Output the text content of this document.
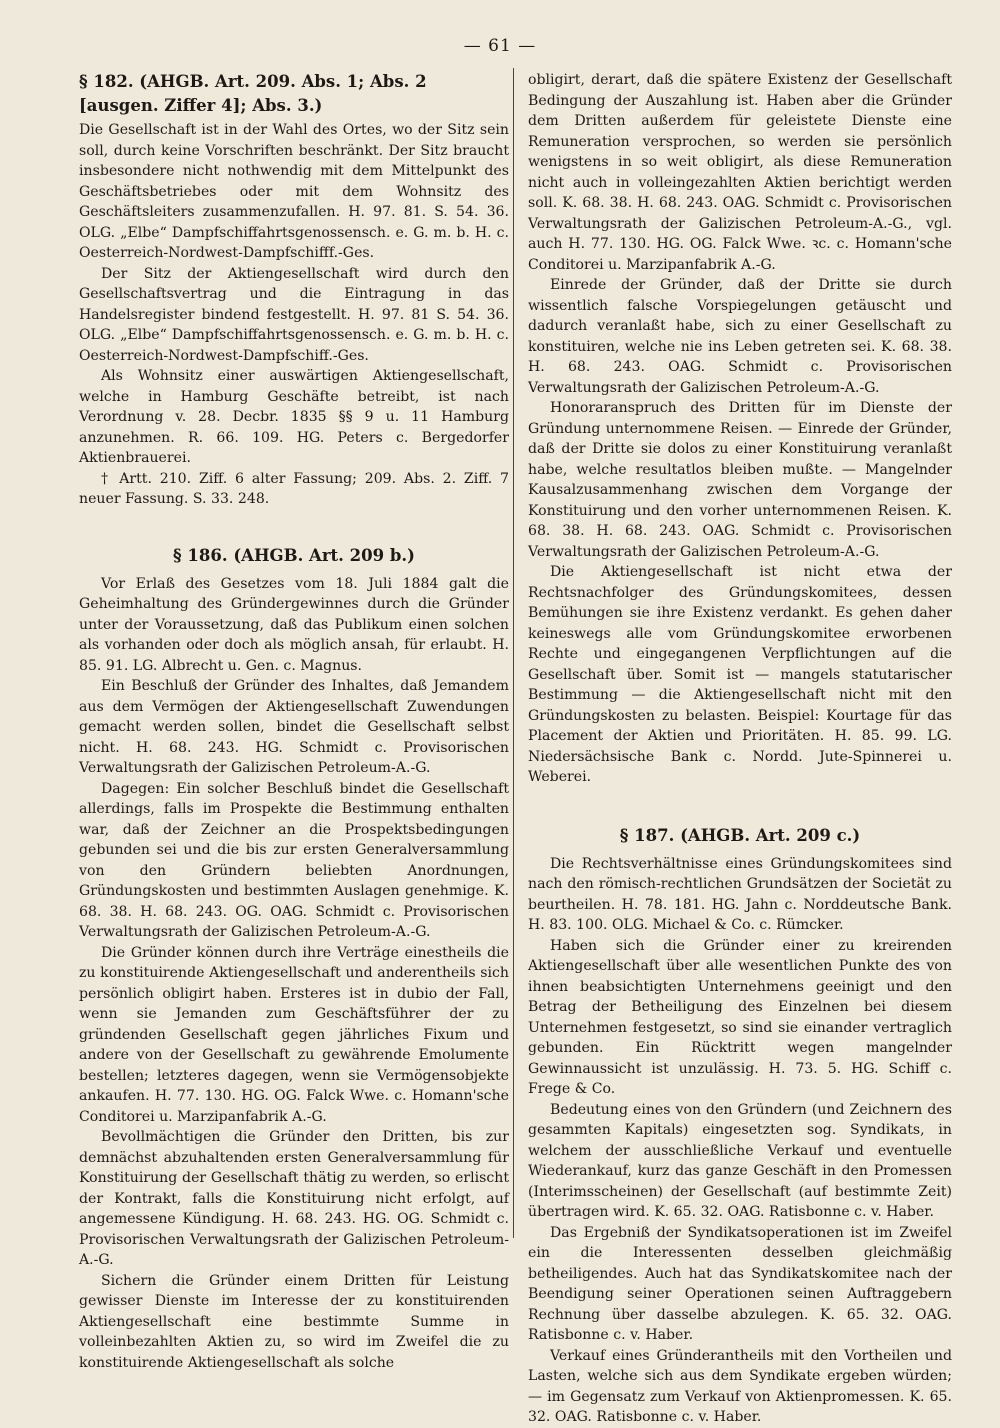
— 61 —
§ 182. (AHGB. Art. 209. Abs. 1; Abs. 2 [ausgen. Ziffer 4]; Abs. 3.)

Die Gesellschaft ist in der Wahl des Ortes, wo der Sitz sein soll, durch keine Vorschriften beschränkt. Der Sitz braucht insbesondere nicht nothwendig mit dem Mittelpunkt des Geschäftsbetriebes oder mit dem Wohnsitz des Geschäftsleiters zusammenzufallen. H. 97. 81. S. 54. 36. OLG. „Elbe“ Dampfschiffahrtsgenossensch. e. G. m. b. H. c. Oesterreich-Nordwest-Dampfschifff.-Ges.

Der Sitz der Aktiengesellschaft wird durch den Gesellschaftsvertrag und die Eintragung in das Handelsregister bindend festgestellt. H. 97. 81 S. 54. 36. OLG. „Elbe“ Dampfschiffahrtsgenossensch. e. G. m. b. H. c. Oesterreich-Nordwest-Dampfschiff.-Ges.

Als Wohnsitz einer auswärtigen Aktiengesellschaft, welche in Hamburg Geschäfte betreibt, ist nach Verordnung v. 28. Decbr. 1835 §§ 9 u. 11 Hamburg anzunehmen. R. 66. 109. HG. Peters c. Bergedorfer Aktienbrauerei.

† Artt. 210. Ziff. 6 alter Fassung; 209. Abs. 2. Ziff. 7 neuer Fassung. S. 33. 248.

§ 186. (AHGB. Art. 209 b.)

Vor Erlaß des Gesetzes vom 18. Juli 1884 galt die Geheimhaltung des Gründergewinnes durch die Gründer unter der Voraussetzung, daß das Publikum einen solchen als vorhanden oder doch als möglich ansah, für erlaubt. H. 85. 91. LG. Albrecht u. Gen. c. Magnus.

Ein Beschluß der Gründer des Inhaltes, daß Jemandem aus dem Vermögen der Aktiengesellschaft Zuwendungen gemacht werden sollen, bindet die Gesellschaft selbst nicht. H. 68. 243. HG. Schmidt c. Provisorischen Verwaltungsrath der Galizischen Petroleum-A.-G.

Dagegen: Ein solcher Beschluß bindet die Gesellschaft allerdings, falls im Prospekte die Bestimmung enthalten war, daß der Zeichner an die Prospektsbedingungen gebunden sei und die bis zur ersten Generalversammlung von den Gründern beliebten Anordnungen, Gründungskosten und bestimmten Auslagen genehmige. K. 68. 38. H. 68. 243. OG. OAG. Schmidt c. Provisorischen Verwaltungsrath der Galizischen Petroleum-A.-G.

Die Gründer können durch ihre Verträge einestheils die zu konstituirende Aktiengesellschaft und anderentheils sich persönlich obligirt haben. Ersteres ist in dubio der Fall, wenn sie Jemanden zum Geschäftsführer der zu gründenden Gesellschaft gegen jährliches Fixum und andere von der Gesellschaft zu gewährende Emolumente bestellen; letzteres dagegen, wenn sie Vermögensobjekte ankaufen. H. 77. 130. HG. OG. Falck Wwe. c. Homann'sche Conditorei u. Marzipanfabrik A.-G.

Bevollmächtigen die Gründer den Dritten, bis zur demnächst abzuhaltenden ersten Generalversammlung für Konstituirung der Gesellschaft thätig zu werden, so erlischt der Kontrakt, falls die Konstituirung nicht erfolgt, auf angemessene Kündigung. H. 68. 243. HG. OG. Schmidt c. Provisorischen Verwaltungsrath der Galizischen Petroleum-A.-G.

Sichern die Gründer einem Dritten für Leistung gewisser Dienste im Interesse der zu konstituirenden Aktiengesellschaft eine bestimmte Summe in volleinbezahlten Aktien zu, so wird im Zweifel die zu konstituirende Aktiengesellschaft als solche

obligirt, derart, daß die spätere Existenz der Gesellschaft Bedingung der Auszahlung ist. Haben aber die Gründer dem Dritten außerdem für geleistete Dienste eine Remuneration versprochen, so werden sie persönlich wenigstens in so weit obligirt, als diese Remuneration nicht auch in volleingezahlten Aktien berichtigt werden soll. K. 68. 38. H. 68. 243. OAG. Schmidt c. Provisorischen Verwaltungsrath der Galizischen Petroleum-A.-G., vgl. auch H. 77. 130. HG. OG. Falck Wwe. ꝛc. c. Homann'sche Conditorei u. Marzipanfabrik A.-G.

Einrede der Gründer, daß der Dritte sie durch wissentlich falsche Vorspiegelungen getäuscht und dadurch veranlaßt habe, sich zu einer Gesellschaft zu konstituiren, welche nie ins Leben getreten sei. K. 68. 38. H. 68. 243. OAG. Schmidt c. Provisorischen Verwaltungsrath der Galizischen Petroleum-A.-G.

Honoraranspruch des Dritten für im Dienste der Gründung unternommene Reisen. — Einrede der Gründer, daß der Dritte sie dolos zu einer Konstituirung veranlaßt habe, welche resultatlos bleiben mußte. — Mangelnder Kausalzusammenhang zwischen dem Vorgange der Konstituirung und den vorher unternommenen Reisen. K. 68. 38. H. 68. 243. OAG. Schmidt c. Provisorischen Verwaltungsrath der Galizischen Petroleum-A.-G.

Die Aktiengesellschaft ist nicht etwa der Rechtsnachfolger des Gründungskomitees, dessen Bemühungen sie ihre Existenz verdankt. Es gehen daher keineswegs alle vom Gründungskomitee erworbenen Rechte und eingegangenen Verpflichtungen auf die Gesellschaft über. Somit ist — mangels statutarischer Bestimmung — die Aktiengesellschaft nicht mit den Gründungskosten zu belasten. Beispiel: Kourtage für das Placement der Aktien und Prioritäten. H. 85. 99. LG. Niedersächsische Bank c. Nordd. Jute-Spinnerei u. Weberei.

§ 187. (AHGB. Art. 209 c.)

Die Rechtsverhältnisse eines Gründungskomitees sind nach den römisch-rechtlichen Grundsätzen der Societät zu beurtheilen. H. 78. 181. HG. Jahn c. Norddeutsche Bank. H. 83. 100. OLG. Michael & Co. c. Rümcker.

Haben sich die Gründer einer zu kreirenden Aktiengesellschaft über alle wesentlichen Punkte des von ihnen beabsichtigten Unternehmens geeinigt und den Betrag der Betheiligung des Einzelnen bei diesem Unternehmen festgesetzt, so sind sie einander vertraglich gebunden. Ein Rücktritt wegen mangelnder Gewinnaussicht ist unzulässig. H. 73. 5. HG. Schiff c. Frege & Co.

Bedeutung eines von den Gründern (und Zeichnern des gesammten Kapitals) eingesetzten sog. Syndikats, in welchem der ausschließliche Verkauf und eventuelle Wiederankauf, kurz das ganze Geschäft in den Promessen (Interimsscheinen) der Gesellschaft (auf bestimmte Zeit) übertragen wird. K. 65. 32. OAG. Ratisbonne c. v. Haber.

Das Ergebniß der Syndikatsoperationen ist im Zweifel ein die Interessenten desselben gleichmäßig betheiligendes. Auch hat das Syndikatskomitee nach der Beendigung seiner Operationen seinen Auftraggebern Rechnung über dasselbe abzulegen. K. 65. 32. OAG. Ratisbonne c. v. Haber.

Verkauf eines Gründerantheils mit den Vortheilen und Lasten, welche sich aus dem Syndikate ergeben würden; — im Gegensatz zum Verkauf von Aktienpromessen. K. 65. 32. OAG. Ratisbonne c. v. Haber.
